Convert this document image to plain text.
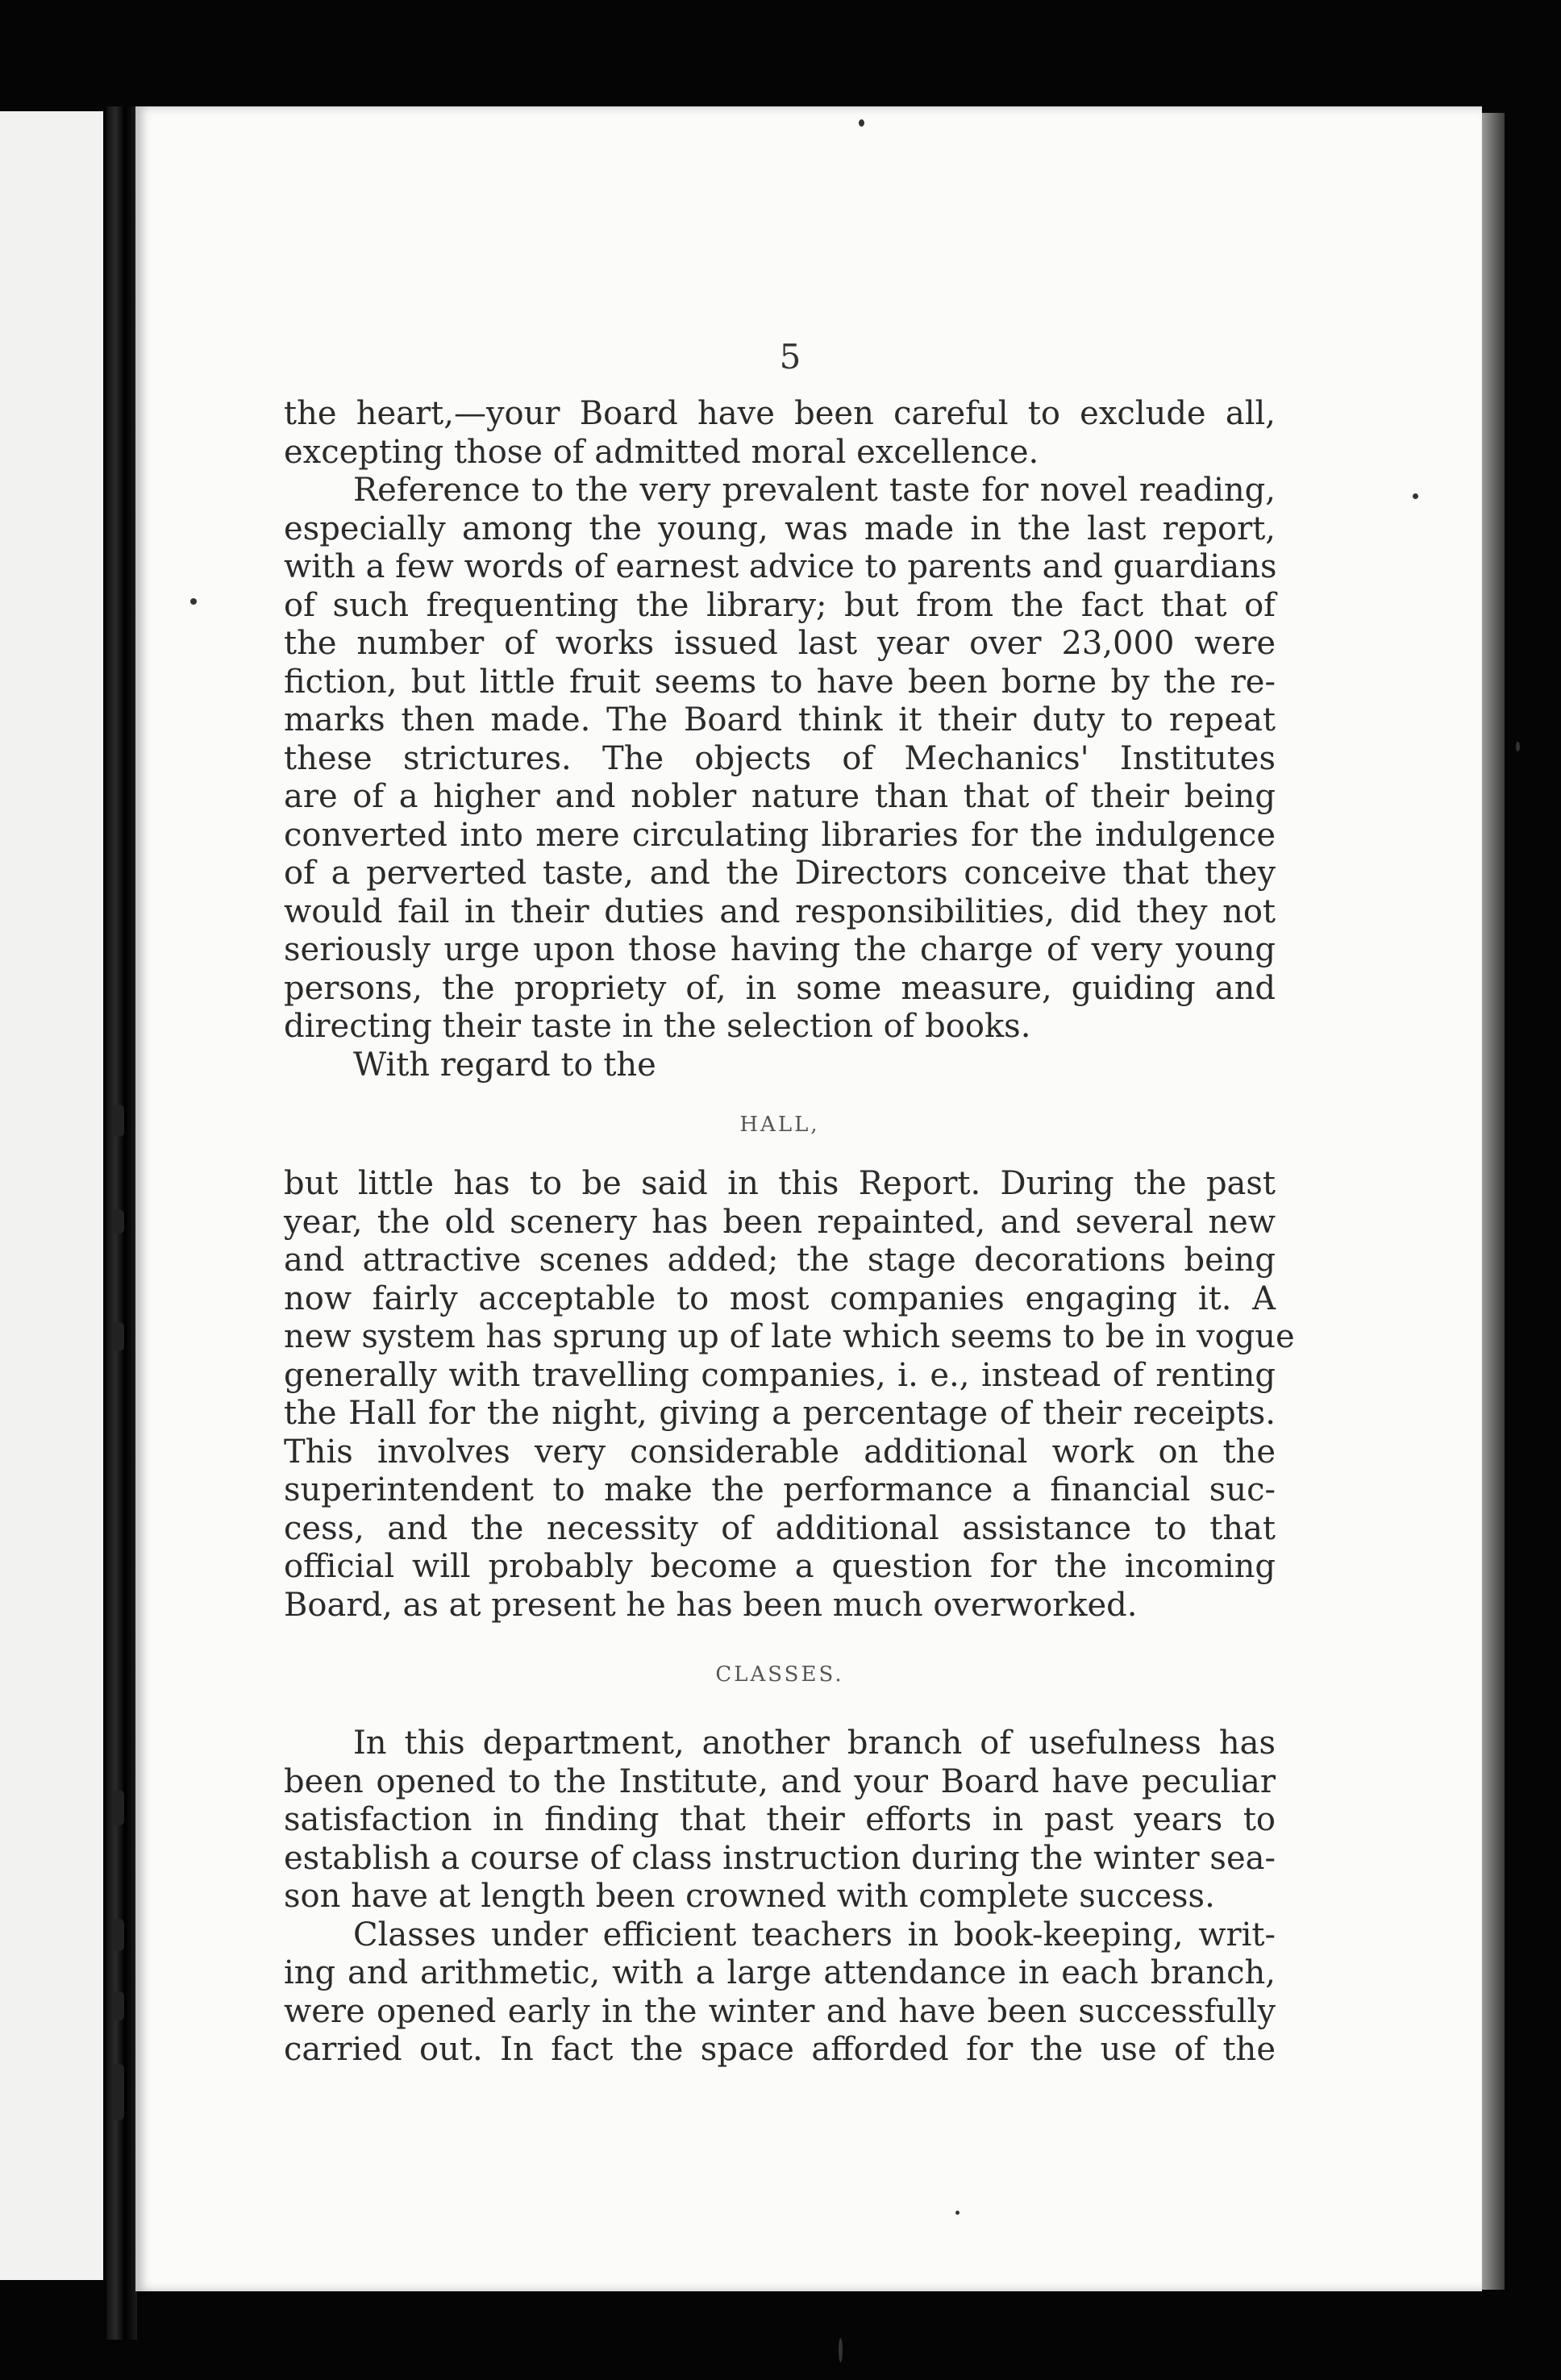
5
the heart,—your Board have been careful to exclude all,
excepting those of admitted moral excellence.
Reference to the very prevalent taste for novel reading,
especially among the young, was made in the last report,
with a few words of earnest advice to parents and guardians
of such frequenting the library; but from the fact that of
the number of works issued last year over 23,000 were
fiction, but little fruit seems to have been borne by the re-
marks then made. The Board think it their duty to repeat
these strictures. The objects of Mechanics' Institutes
are of a higher and nobler nature than that of their being
converted into mere circulating libraries for the indulgence
of a perverted taste, and the Directors conceive that they
would fail in their duties and responsibilities, did they not
seriously urge upon those having the charge of very young
persons, the propriety of, in some measure, guiding and
directing their taste in the selection of books.
With regard to the
HALL,
but little has to be said in this Report. During the past
year, the old scenery has been repainted, and several new
and attractive scenes added; the stage decorations being
now fairly acceptable to most companies engaging it. A
new system has sprung up of late which seems to be in vogue
generally with travelling companies, i. e., instead of renting
the Hall for the night, giving a percentage of their receipts.
This involves very considerable additional work on the
superintendent to make the performance a financial suc-
cess, and the necessity of additional assistance to that
official will probably become a question for the incoming
Board, as at present he has been much overworked.
CLASSES.
In this department, another branch of usefulness has
been opened to the Institute, and your Board have peculiar
satisfaction in finding that their efforts in past years to
establish a course of class instruction during the winter sea-
son have at length been crowned with complete success.
Classes under efficient teachers in book-keeping, writ-
ing and arithmetic, with a large attendance in each branch,
were opened early in the winter and have been successfully
carried out. In fact the space afforded for the use of the
